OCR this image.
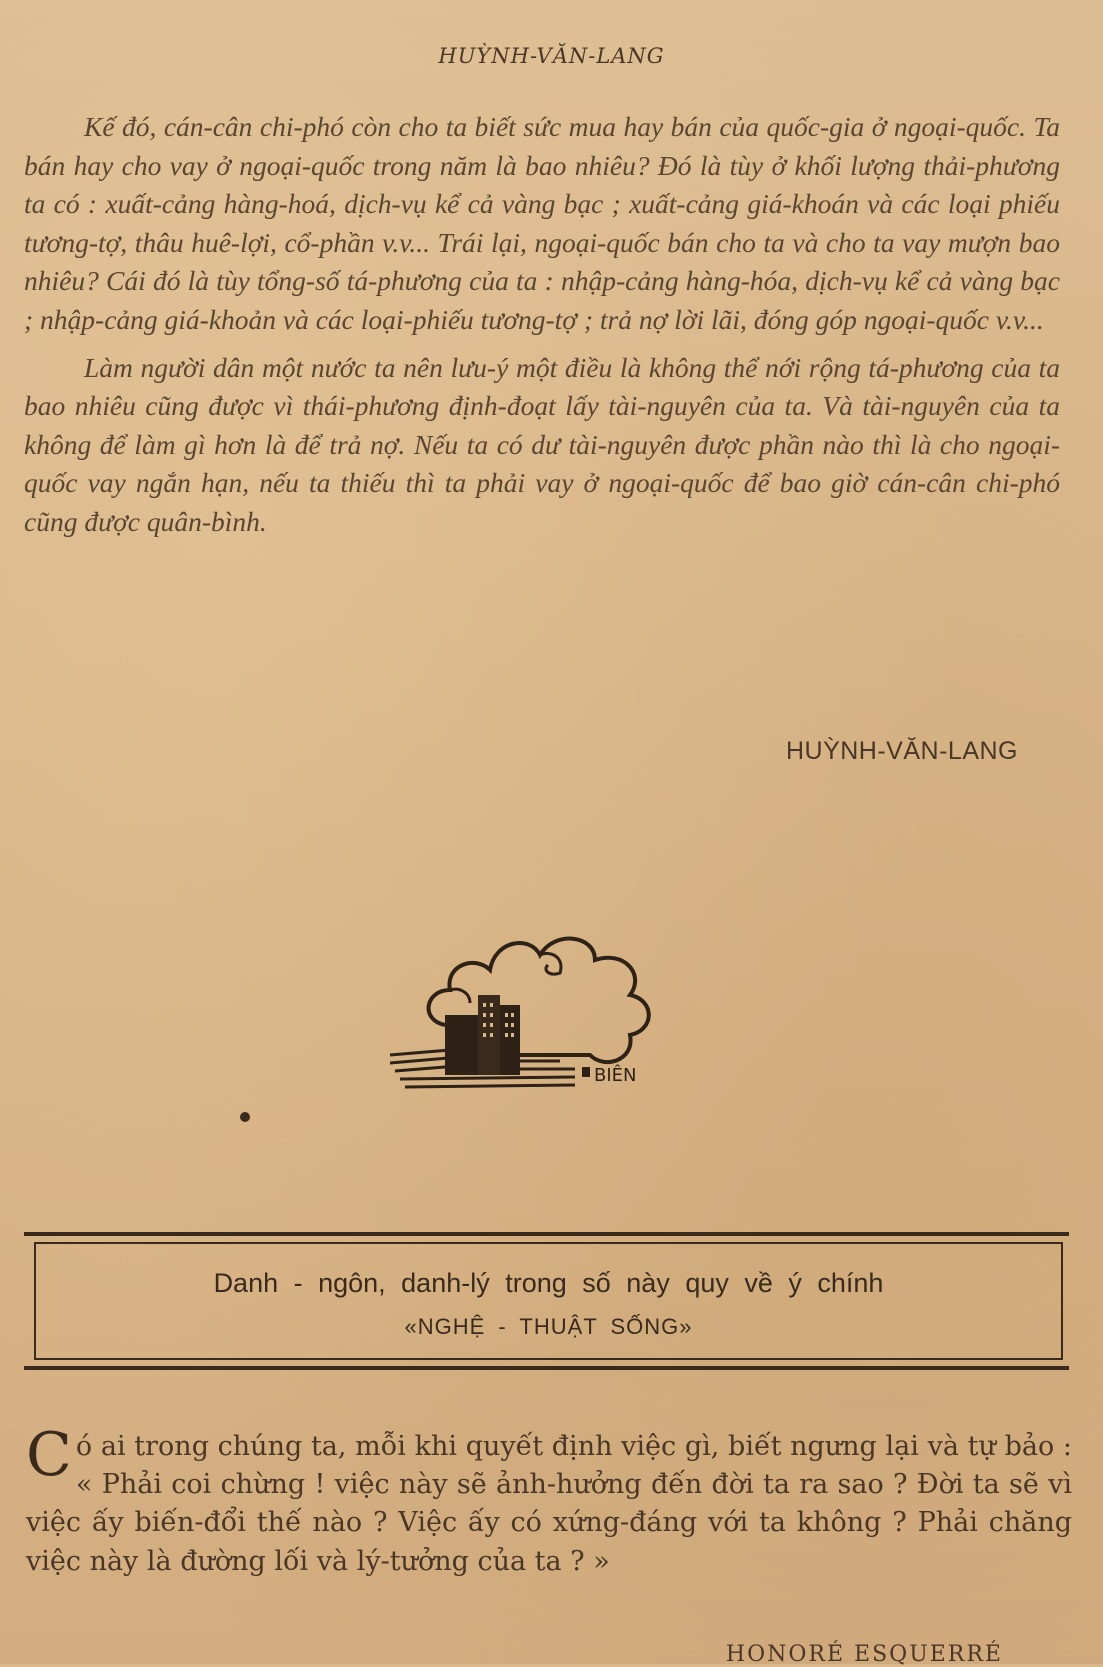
HUỲNH-VĂN-LANG

Kế đó, cán-cân chi-phó còn cho ta biết sức mua hay bán của quốc-gia ở ngoại-quốc. Ta bán hay cho vay ở ngoại-quốc trong năm là bao nhiêu? Đó là tùy ở khối lượng thải-phương ta có : xuất-cảng hàng-hoá, dịch-vụ kể cả vàng bạc ; xuất-cảng giá-khoán và các loại phiếu tương-tợ, thâu huê-lợi, cổ-phần v.v... Trái lại, ngoại-quốc bán cho ta và cho ta vay mượn bao nhiêu? Cái đó là tùy tổng-số tá-phương của ta : nhập-cảng hàng-hóa, dịch-vụ kể cả vàng bạc ; nhập-cảng giá-khoản và các loại-phiếu tương-tợ ; trả nợ lời lãi, đóng góp ngoại-quốc v.v...

Làm người dân một nước ta nên lưu-ý một điều là không thể nới rộng tá-phương của ta bao nhiêu cũng được vì thái-phương định-đoạt lấy tài-nguyên của ta. Và tài-nguyên của ta không để làm gì hơn là để trả nợ. Nếu ta có dư tài-nguyên được phần nào thì là cho ngoại-quốc vay ngắn hạn, nếu ta thiếu thì ta phải vay ở ngoại-quốc để bao giờ cán-cân chi-phó cũng được quân-bình.

HUỲNH-VĂN-LANG
BIÊN
Danh - ngôn, danh-lý trong số này quy về ý chính
«NGHỆ - THUẬT SỐNG»
Có ai trong chúng ta, mỗi khi quyết định việc gì, biết ngưng lại và tự bảo : « Phải coi chừng ! việc này sẽ ảnh-hưởng đến đời ta ra sao ? Đời ta sẽ vì việc ấy biến-đổi thế nào ? Việc ấy có xứng-đáng với ta không ? Phải chăng việc này là đường lối và lý-tưởng của ta ? »
HONORÉ ESQUERRÉ
